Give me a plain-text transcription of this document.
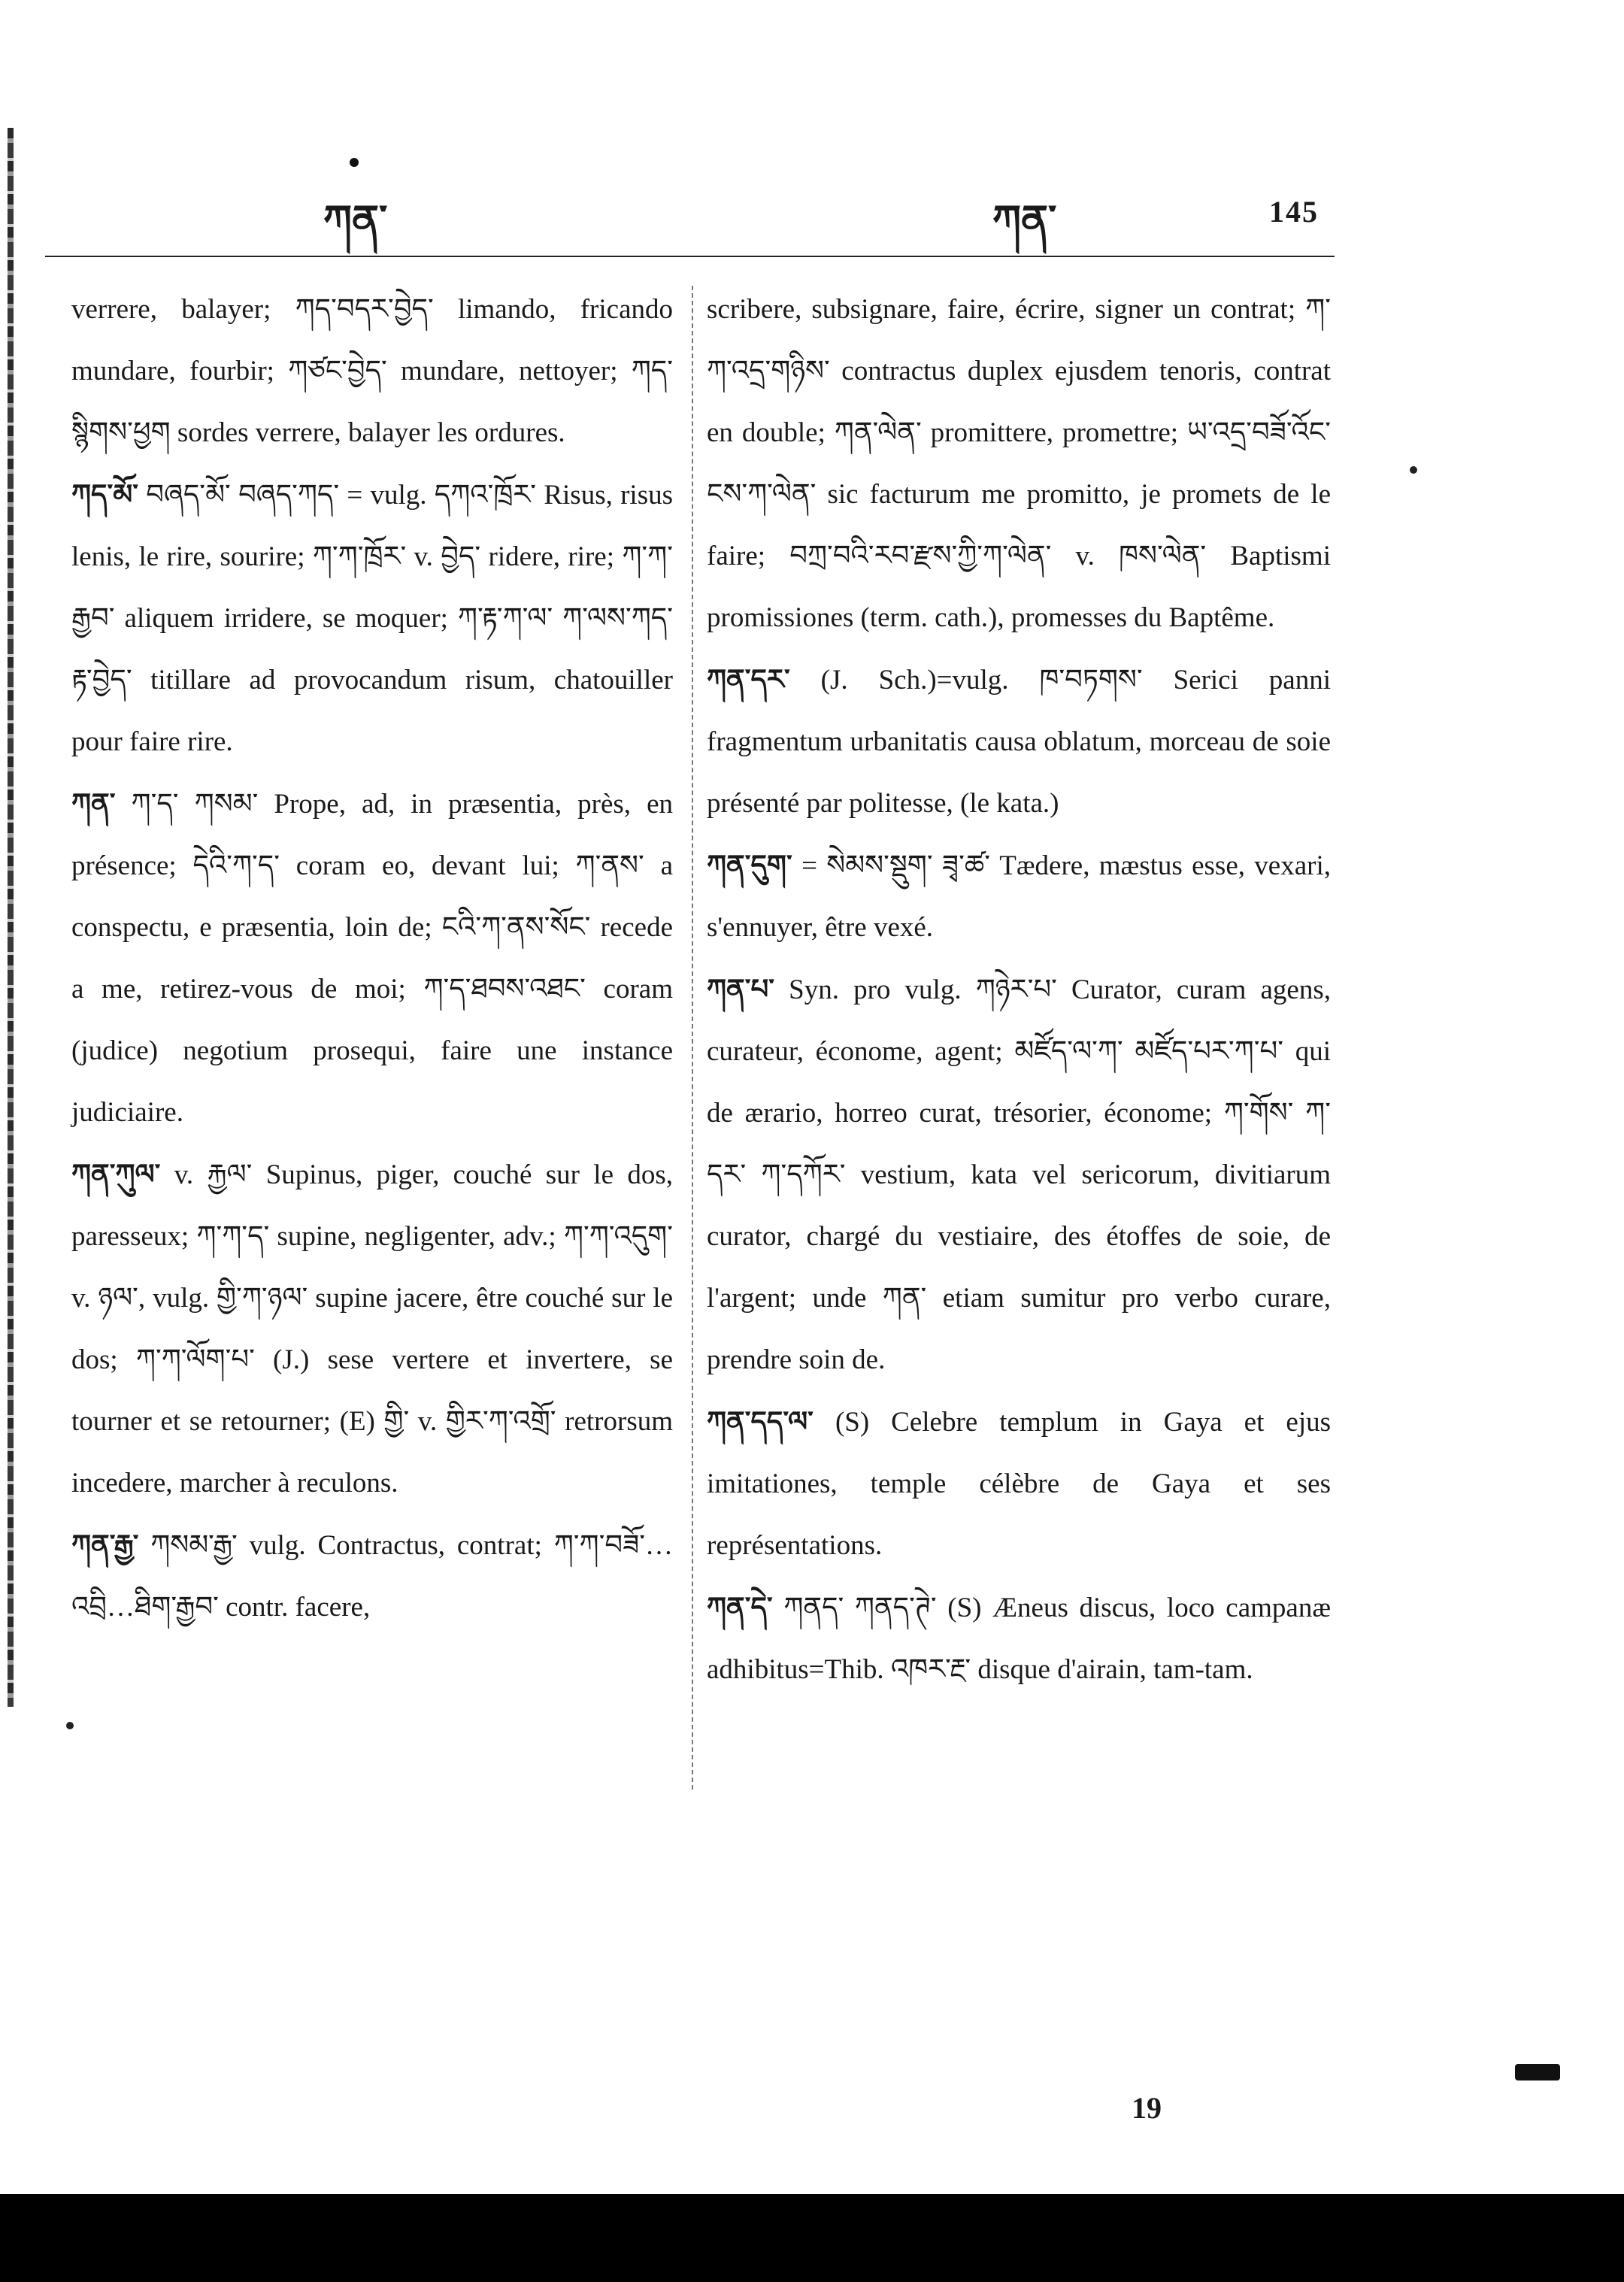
ཀན་	ཀན་	145

verrere, balayer; ཀད་བདར་བྱེད་ limando, fricando mundare, fourbir; ཀཙང་བྱེད་ mundare, nettoyer; ཀད་སྙིགས་ཕྱག sordes verrere, balayer les ordures.

ཀད་མོ་ བཞད་མོ་ བཞད་ཀད་ = vulg. དཀའ་ཁྲོར་ Risus, risus lenis, le rire, sourire; ཀ་ཀ་ཁྲོར་ v. བྱེད་ ridere, rire; ཀ་ཀ་རྒྱབ་ aliquem irridere, se moquer; ཀ་རྟ་ཀ་ལ་ ཀ་ལས་ཀད་རྟ་བྱེད་ titillare ad provocandum risum, chatouiller pour faire rire.

ཀན་ ཀ་ད་ ཀསམ་ Prope, ad, in præsentia, près, en présence; དེའི་ཀ་ད་ coram eo, devant lui; ཀ་ནས་ a conspectu, e præsentia, loin de; ངའི་ཀ་ནས་སོང་ recede a me, retirez-vous de moi; ཀ་ད་ཐབས་འཐང་ coram (judice) negotium prosequi, faire une instance judiciaire.

ཀན་ཀུལ་ v. རྐྱལ་ Supinus, piger, couché sur le dos, paresseux; ཀ་ཀ་ད་ supine, negligenter, adv.; ཀ་ཀ་འདུག་ v. ཉལ་, vulg. གྱི་ཀ་ཉལ་ supine jacere, être couché sur le dos; ཀ་ཀ་ལོག་པ་ (J.) sese vertere et invertere, se tourner et se retourner; (E) གྱི་ v. གྱིར་ཀ་འགྲོ་ retrorsum incedere, marcher à reculons.

ཀན་རྒྱ་ ཀསམ་རྒྱ་ vulg. Contractus, contrat; ཀ་ཀ་བཟོ་…འབྲི…ཐིག་རྒྱབ་ contr. facere,

scribere, subsignare, faire, écrire, signer un contrat; ཀ་ཀ་འདྲ་གཉིས་ contractus duplex ejusdem tenoris, contrat en double; ཀན་ལེན་ promittere, promettre; ཡ་འདྲ་བཟོ་འོང་ངས་ཀ་ལེན་ sic facturum me promitto, je promets de le faire; བཀྲ་བའི་རབ་རྫས་ཀྱི་ཀ་ལེན་ v. ཁས་ལེན་ Baptismi promissiones (term. cath.), promesses du Baptême.

ཀན་དར་ (J. Sch.)=vulg. ཁ་བཏགས་ Serici panni fragmentum urbanitatis causa oblatum, morceau de soie présenté par politesse, (le kata.)

ཀན་དུག་ = སེམས་སྡུག་ ཟྭ་ཚ་ Tædere, mæstus esse, vexari, s'ennuyer, être vexé.

ཀན་པ་ Syn. pro vulg. ཀཉེར་པ་ Curator, curam agens, curateur, économe, agent; མཛོད་ལ་ཀ་ མཛོད་པར་ཀ་པ་ qui de ærario, horreo curat, trésorier, économe; ཀ་གོས་ ཀ་དར་ ཀ་དཀོར་ vestium, kata vel sericorum, divitiarum curator, chargé du vestiaire, des étoffes de soie, de l'argent; unde ཀན་ etiam sumitur pro verbo curare, prendre soin de.

ཀན་དད་ལ་ (S) Celebre templum in Gaya et ejus imitationes, temple célèbre de Gaya et ses représentations.

ཀན་དེ་ ཀནད་ ཀནད་ཊེ་ (S) Æneus discus, loco campanæ adhibitus=Thib. འཁར་རྔ་ disque d'airain, tam-tam.

19
